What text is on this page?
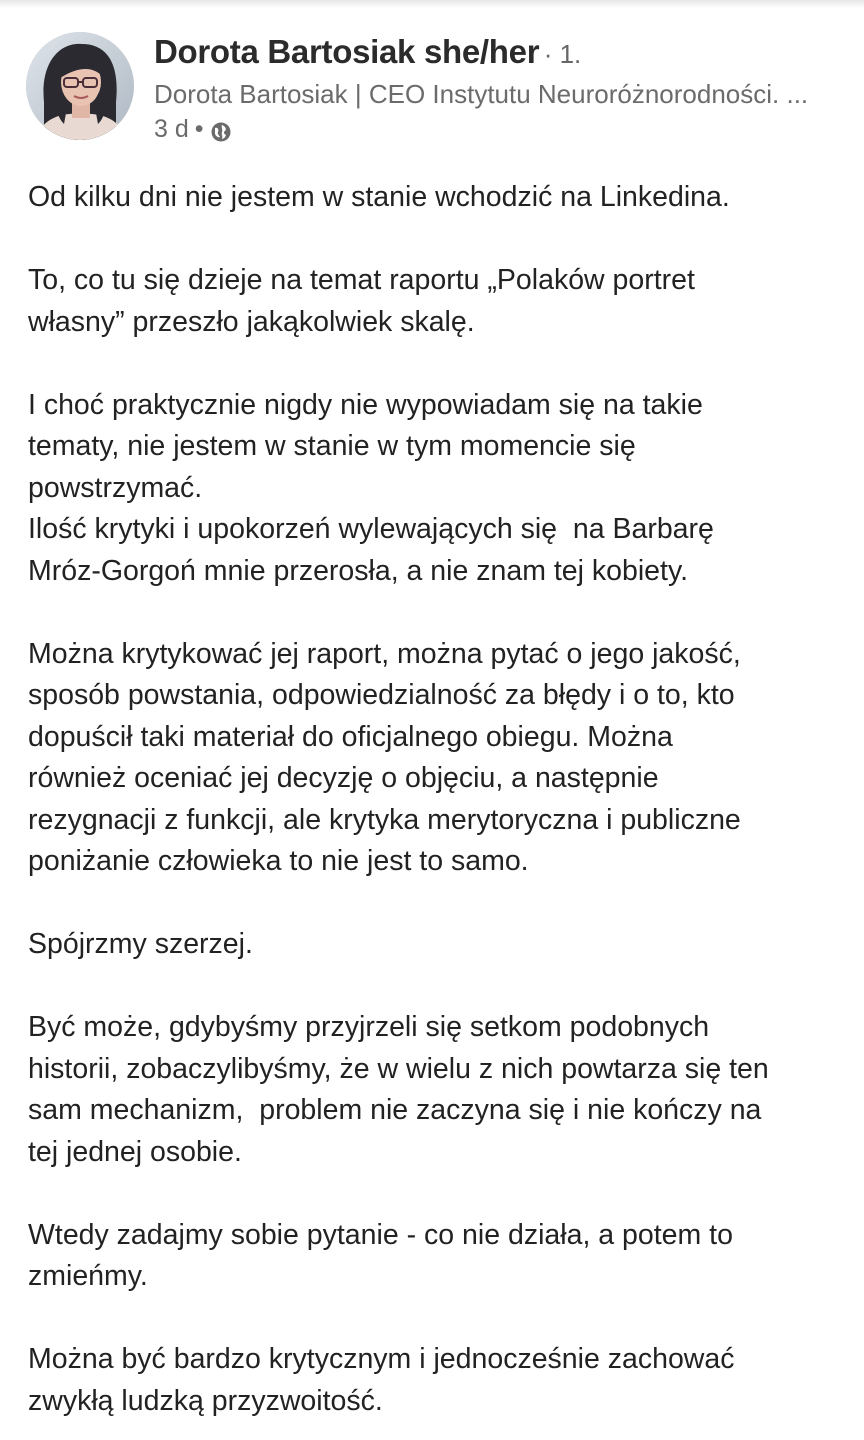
Dorota Bartosiak she/her · 1.
Dorota Bartosiak | CEO Instytutu Neuroróżnorodności. ...
3 d •

Od kilku dni nie jestem w stanie wchodzić na Linkedina.

To, co tu się dzieje na temat raportu „Polaków portret
własny” przeszło jakąkolwiek skalę.

I choć praktycznie nigdy nie wypowiadam się na takie
tematy, nie jestem w stanie w tym momencie się
powstrzymać.
Ilość krytyki i upokorzeń wylewających się  na Barbarę
Mróz-Gorgoń mnie przerosła, a nie znam tej kobiety.

Można krytykować jej raport, można pytać o jego jakość,
sposób powstania, odpowiedzialność za błędy i o to, kto
dopuścił taki materiał do oficjalnego obiegu. Można
również oceniać jej decyzję o objęciu, a następnie
rezygnacji z funkcji, ale krytyka merytoryczna i publiczne
poniżanie człowieka to nie jest to samo.

Spójrzmy szerzej.

Być może, gdybyśmy przyjrzeli się setkom podobnych
historii, zobaczylibyśmy, że w wielu z nich powtarza się ten
sam mechanizm,  problem nie zaczyna się i nie kończy na
tej jednej osobie.

Wtedy zadajmy sobie pytanie - co nie działa, a potem to
zmieńmy.

Można być bardzo krytycznym i jednocześnie zachować
zwykłą ludzką przyzwoitość.
